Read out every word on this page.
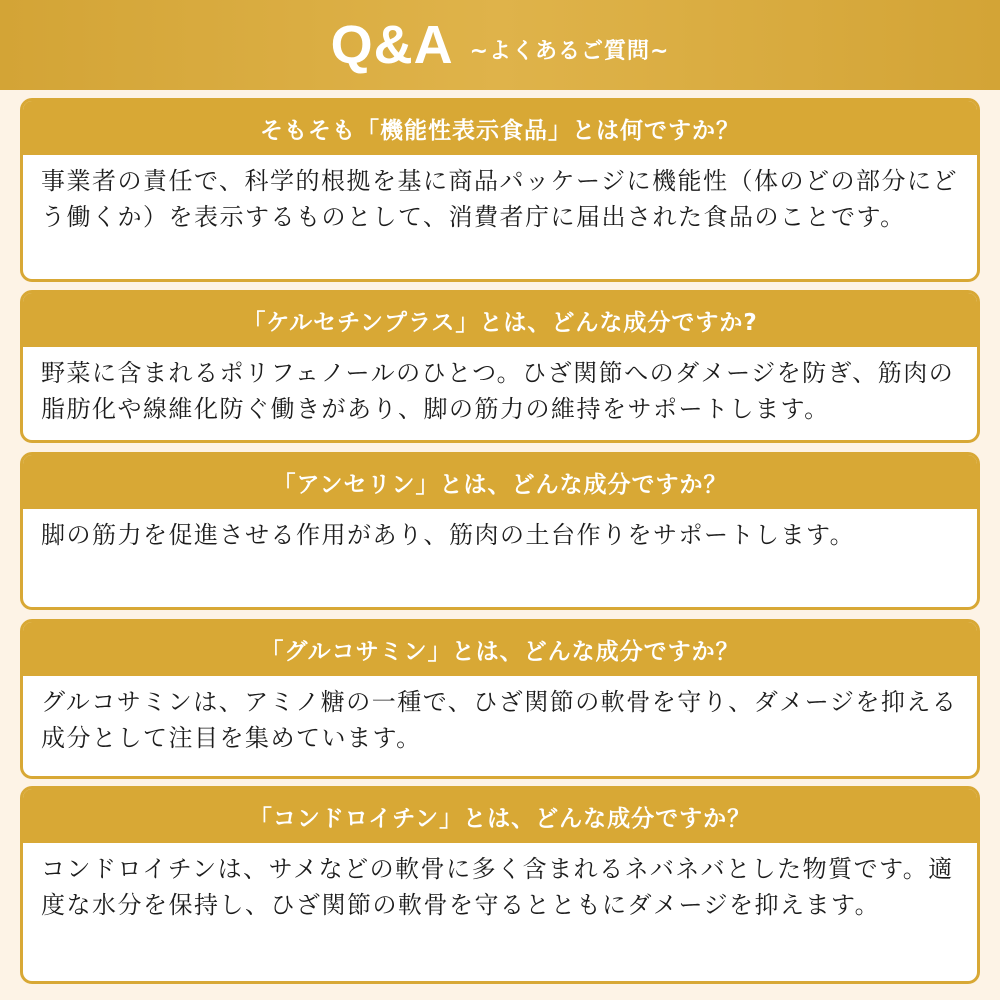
Q&A ~よくあるご質問~
そもそも「機能性表示食品」とは何ですか？
事業者の責任で、科学的根拠を基に商品パッケージに機能性（体のどの部分にどう働くか）を表示するものとして、消費者庁に届出された食品のことです。
「ケルセチンプラス」とは、どんな成分ですか?
野菜に含まれるポリフェノールのひとつ。ひざ関節へのダメージを防ぎ、筋肉の脂肪化や線維化防ぐ働きがあり、脚の筋力の維持をサポートします。
「アンセリン」とは、どんな成分ですか？
脚の筋力を促進させる作用があり、筋肉の土台作りをサポートします。
「グルコサミン」とは、どんな成分ですか？
グルコサミンは、アミノ糖の一種で、ひざ関節の軟骨を守り、ダメージを抑える成分として注目を集めています。
「コンドロイチン」とは、どんな成分ですか？
コンドロイチンは、サメなどの軟骨に多く含まれるネバネバとした物質です。適度な水分を保持し、ひざ関節の軟骨を守るとともにダメージを抑えます。
